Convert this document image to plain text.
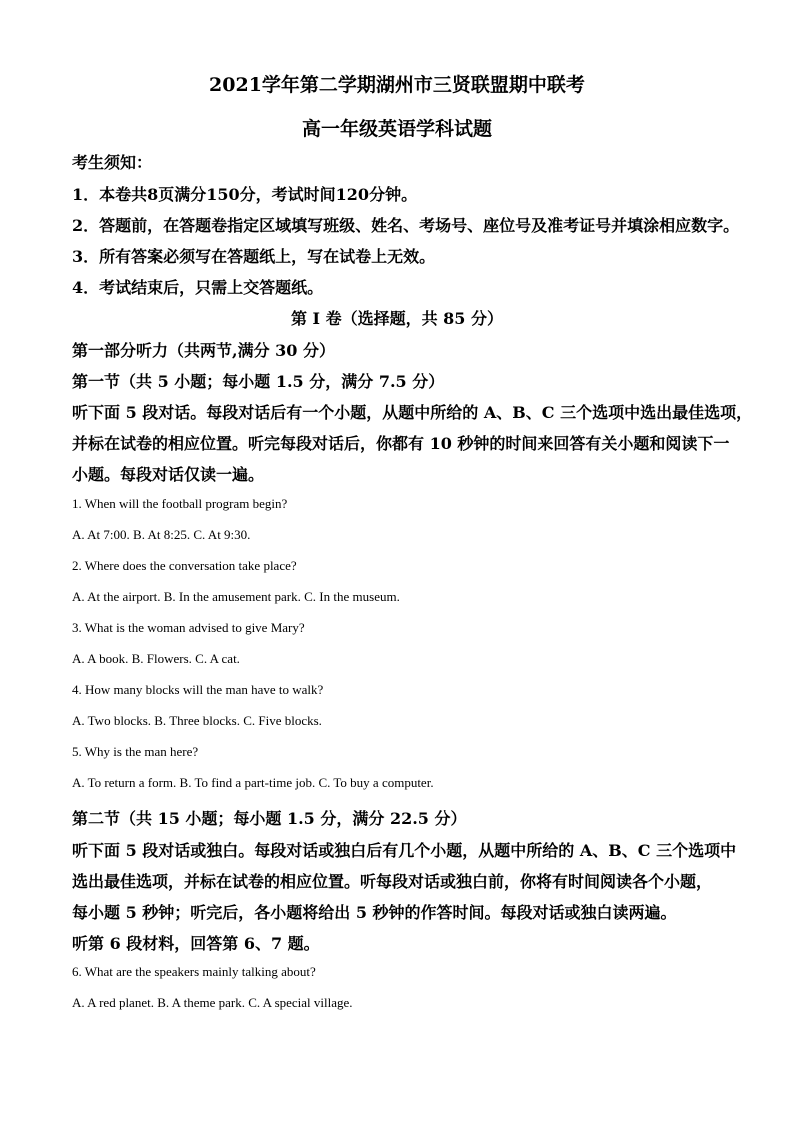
2021学年第二学期湖州市三贤联盟期中联考
高一年级英语学科试题
考生须知：
1．本卷共8页满分150分，考试时间120分钟。
2．答题前，在答题卷指定区域填写班级、姓名、考场号、座位号及准考证号并填涂相应数字。
3．所有答案必须写在答题纸上，写在试卷上无效。
4．考试结束后，只需上交答题纸。
第 I 卷（选择题，共 85 分）
第一部分听力（共两节,满分 30 分）
第一节（共 5 小题；每小题 1.5 分，满分 7.5 分）
听下面 5 段对话。每段对话后有一个小题，从题中所给的 A、B、C 三个选项中选出最佳选项，
并标在试卷的相应位置。听完每段对话后，你都有 10 秒钟的时间来回答有关小题和阅读下一
小题。每段对话仅读一遍。
1. When will the football program begin?
A. At 7:00. B. At 8:25. C. At 9:30.
2. Where does the conversation take place?
A. At the airport. B. In the amusement park. C. In the museum.
3. What is the woman advised to give Mary?
A. A book. B. Flowers. C. A cat.
4. How many blocks will the man have to walk?
A. Two blocks. B. Three blocks. C. Five blocks.
5. Why is the man here?
A. To return a form. B. To find a part-time job. C. To buy a computer.
第二节（共 15 小题；每小题 1.5 分，满分 22.5 分）
听下面 5 段对话或独白。每段对话或独白后有几个小题，从题中所给的 A、B、C 三个选项中
选出最佳选项，并标在试卷的相应位置。听每段对话或独白前，你将有时间阅读各个小题，
每小题 5 秒钟；听完后，各小题将给出 5 秒钟的作答时间。每段对话或独白读两遍。
听第 6 段材料，回答第 6、7 题。
6. What are the speakers mainly talking about?
A. A red planet. B. A theme park. C. A special village.
